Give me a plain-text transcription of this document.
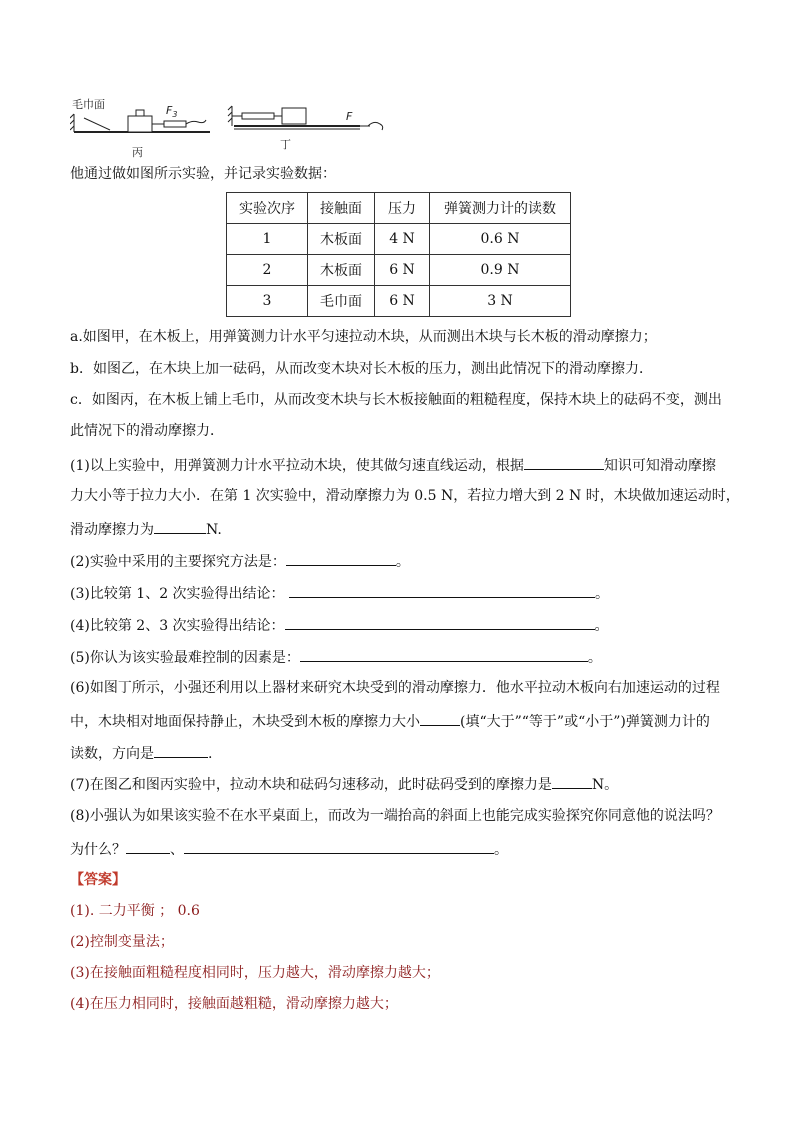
毛巾面	$F_3$
丙
F
丁
他通过做如图所示实验，并记录实验数据：
实验次序	接触面	压力	弹簧测力计的读数
1	木板面	4 N	0.6 N
2	木板面	6 N	0.9 N
3	毛巾面	6 N	3 N
a.如图甲，在木板上，用弹簧测力计水平匀速拉动木块，从而测出木块与长木板的滑动摩擦力；
b．如图乙，在木块上加一砝码，从而改变木块对长木板的压力，测出此情况下的滑动摩擦力．
c．如图丙，在木板上铺上毛巾，从而改变木块与长木板接触面的粗糙程度，保持木块上的砝码不变，测出
此情况下的滑动摩擦力．
(1)以上实验中，用弹簧测力计水平拉动木块，使其做匀速直线运动，根据	知识可知滑动摩擦
力大小等于拉力大小．在第 1 次实验中，滑动摩擦力为 0.5 N，若拉力增大到 2 N 时，木块做加速运动时，
滑动摩擦力为	N.
(2)实验中采用的主要探究方法是：	。
(3)比较第 1、2 次实验得出结论：	。
(4)比较第 2、3 次实验得出结论：	。
(5)你认为该实验最难控制的因素是：	。
(6)如图丁所示，小强还利用以上器材来研究木块受到的滑动摩擦力．他水平拉动木板向右加速运动的过程
中，木块相对地面保持静止，木块受到木板的摩擦力大小	(填“大于”“等于”或“小于”)弹簧测力计的
读数，方向是	.
(7)在图乙和图丙实验中，拉动木块和砝码匀速移动，此时砝码受到的摩擦力是	N。
(8)小强认为如果该实验不在水平桌面上，而改为一端抬高的斜面上也能完成实验探究你同意他的说法吗？
为什么？	、	。
【答案】
(1). 二力平衡 ； 0.6
(2)控制变量法；
(3)在接触面粗糙程度相同时，压力越大，滑动摩擦力越大；
(4)在压力相同时，接触面越粗糙，滑动摩擦力越大；
